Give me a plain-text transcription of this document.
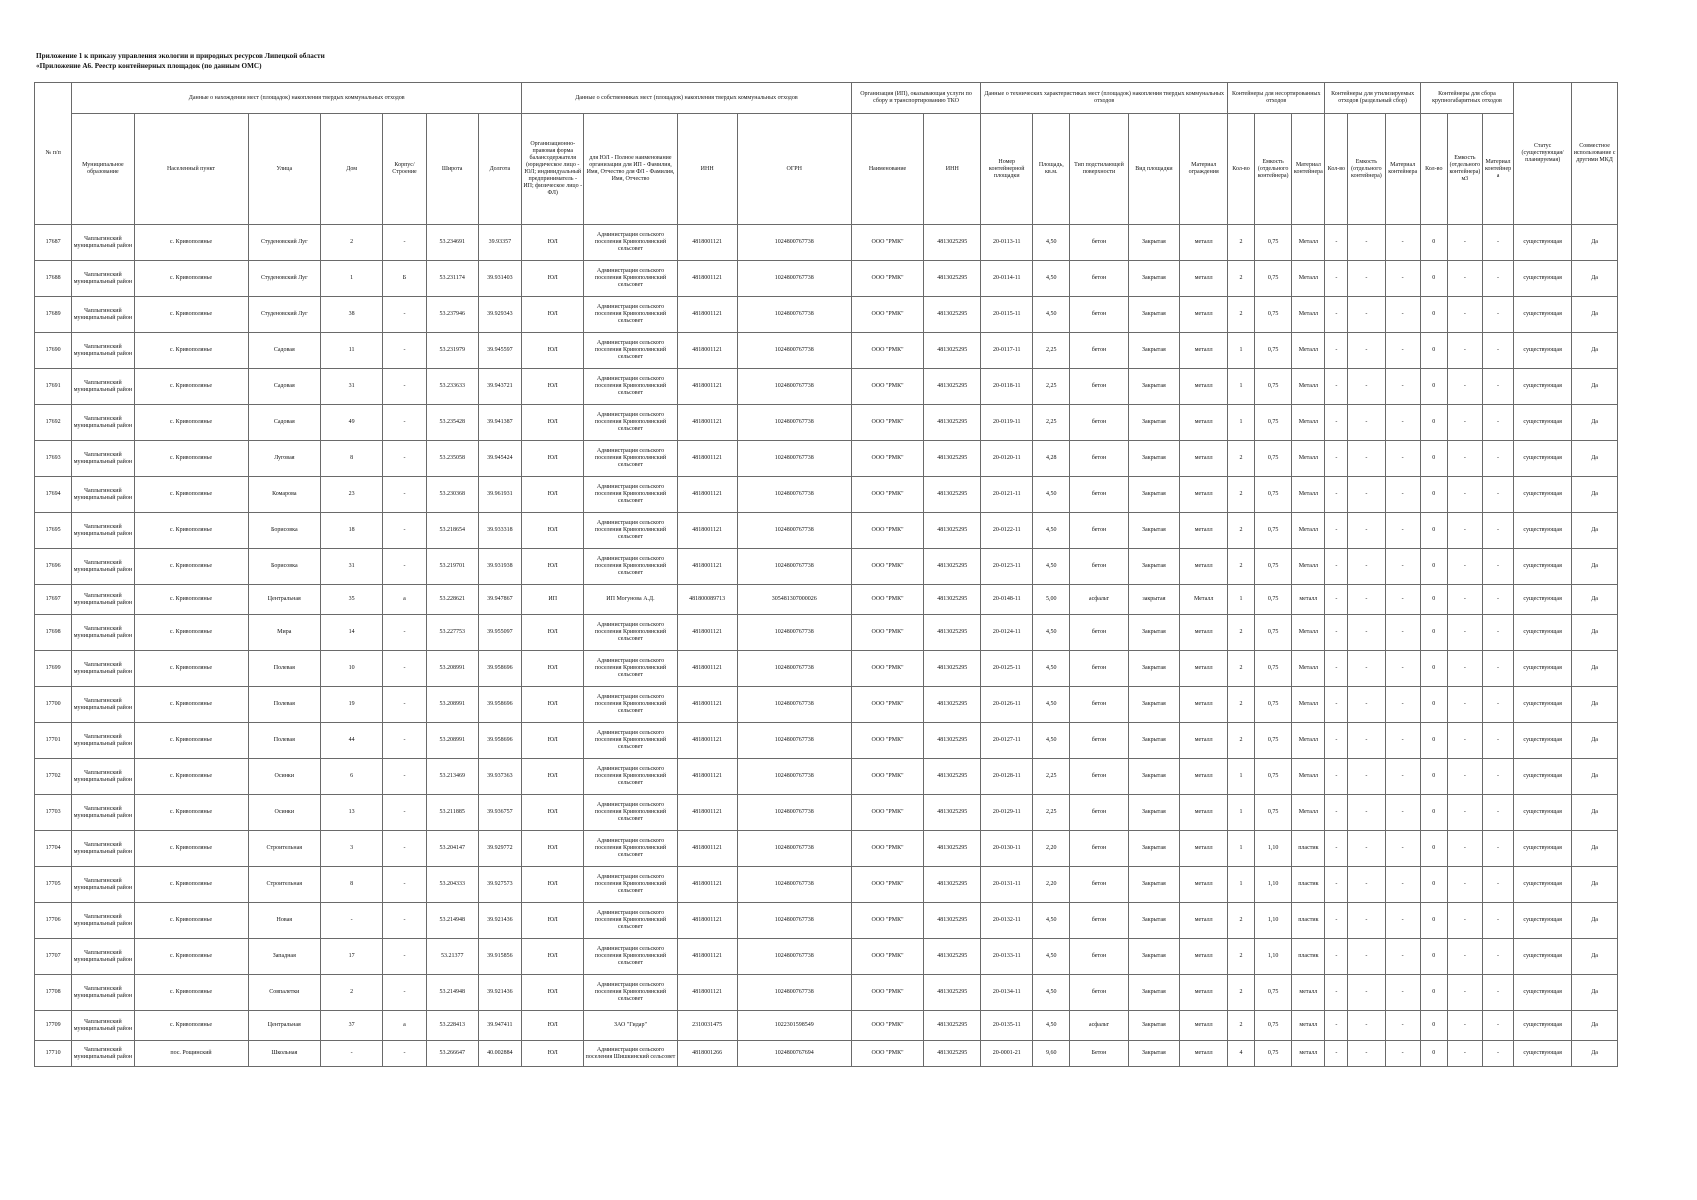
Приложение 1 к приказу управления экологии и природных ресурсов Липецкой области
«Приложение А6. Реестр контейнерных площадок (по данным ОМС)
№ п/п	Данные о нахождении мест (площадок) накопления твердых коммунальных отходов							Данные о собственниках мест (площадок) накопления твердых коммунальных отходов				Организация (ИП), оказывающая услуги по сбору и транспортированию ТКО		Данные о технических характеристиках мест (площадок) накопления твердых коммунальных отходов					Контейнеры для несортированных отходов			Контейнеры для утилизируемых отходов (раздельный сбор)			Контейнеры для сбора крупногабаритных отходов			Статус (существующая/ планируемая)	Совместное использование с другими МКД
	Муниципальное образование	Населенный пункт	Улица	Дом	Корпус/Строение	Широта	Долгота	Организационно-правовая форма балансодержателя (юридическое лицо - ЮЛ; индивидуальный предприниматель - ИП; физическое лицо - ФЛ)	для ЮЛ - Полное наименование организации для ИП - Фамилия, Имя, Отчество для ФЛ - Фамилия, Имя, Отчество	ИНН	ОГРН	Наименование	ИНН	Номер контейнерной площадки	Площадь, кв.м.	Тип подстилающей поверхности	Вид площадки	Материал ограждения	Кол-во	Емкость (отдельного контейнера)	Материал контейнера	Кол-во	Емкость (отдельного контейнера)	Материал контейнера	Кол-во	Емкость (отдельного контейнера) м3	Материал контейнера		
17687	Чаплыгинский муниципальный район	с. Кривополянье	Студеновский Луг	2	-	53.234691	39.93357	ЮЛ	Администрация сельского поселения Кривополянский сельсовет	4818001121	1024800767738	ООО "РМК"	4813025295	20-0113-11	4,50	бетон	Закрытая	металл	2	0,75	Металл	-	-	-	0	-	-	существующая	Да
17688	Чаплыгинский муниципальный район	с. Кривополянье	Студеновский Луг	1	Б	53.231174	39.931403	ЮЛ	Администрация сельского поселения Кривополянский сельсовет	4818001121	1024800767738	ООО "РМК"	4813025295	20-0114-11	4,50	бетон	Закрытая	металл	2	0,75	Металл	-	-	-	0	-	-	существующая	Да
17689	Чаплыгинский муниципальный район	с. Кривополянье	Студеновский Луг	38	-	53.237946	39.929343	ЮЛ	Администрация сельского поселения Кривополянский сельсовет	4818001121	1024800767738	ООО "РМК"	4813025295	20-0115-11	4,50	бетон	Закрытая	металл	2	0,75	Металл	-	-	-	0	-	-	существующая	Да
17690	Чаплыгинский муниципальный район	с. Кривополянье	Садовая	11	-	53.231979	39.945597	ЮЛ	Администрация сельского поселения Кривополянский сельсовет	4818001121	1024800767738	ООО "РМК"	4813025295	20-0117-11	2,25	бетон	Закрытая	металл	1	0,75	Металл	-	-	-	0	-	-	существующая	Да
17691	Чаплыгинский муниципальный район	с. Кривополянье	Садовая	31	-	53.233633	39.943721	ЮЛ	Администрация сельского поселения Кривополянский сельсовет	4818001121	1024800767738	ООО "РМК"	4813025295	20-0118-11	2,25	бетон	Закрытая	металл	1	0,75	Металл	-	-	-	0	-	-	существующая	Да
17692	Чаплыгинский муниципальный район	с. Кривополянье	Садовая	49	-	53.235428	39.941387	ЮЛ	Администрация сельского поселения Кривополянский сельсовет	4818001121	1024800767738	ООО "РМК"	4813025295	20-0119-11	2,25	бетон	Закрытая	металл	1	0,75	Металл	-	-	-	0	-	-	существующая	Да
17693	Чаплыгинский муниципальный район	с. Кривополянье	Луговая	8	-	53.235058	39.945424	ЮЛ	Администрация сельского поселения Кривополянский сельсовет	4818001121	1024800767738	ООО "РМК"	4813025295	20-0120-11	4,28	бетон	Закрытая	металл	2	0,75	Металл	-	-	-	0	-	-	существующая	Да
17694	Чаплыгинский муниципальный район	с. Кривополянье	Комарова	23	-	53.230368	39.961931	ЮЛ	Администрация сельского поселения Кривополянский сельсовет	4818001121	1024800767738	ООО "РМК"	4813025295	20-0121-11	4,50	бетон	Закрытая	металл	2	0,75	Металл	-	-	-	0	-	-	существующая	Да
17695	Чаплыгинский муниципальный район	с. Кривополянье	Борисовка	18	-	53.218654	39.933318	ЮЛ	Администрация сельского поселения Кривополянский сельсовет	4818001121	1024800767738	ООО "РМК"	4813025295	20-0122-11	4,50	бетон	Закрытая	металл	2	0,75	Металл	-	-	-	0	-	-	существующая	Да
17696	Чаплыгинский муниципальный район	с. Кривополянье	Борисовка	31	-	53.219701	39.931938	ЮЛ	Администрация сельского поселения Кривополянский сельсовет	4818001121	1024800767738	ООО "РМК"	4813025295	20-0123-11	4,50	бетон	Закрытая	металл	2	0,75	Металл	-	-	-	0	-	-	существующая	Да
17697	Чаплыгинский муниципальный район	с. Кривополянье	Центральная	35	а	53.228621	39.947867	ИП	ИП Могунова А.Д.	481800089713	305481307000026	ООО "РМК"	4813025295	20-0148-11	5,00	асфальт	закрытая	Металл	1	0,75	металл	-	-	-	0	-	-	существующая	Да
17698	Чаплыгинский муниципальный район	с. Кривополянье	Мира	14	-	53.227753	39.955097	ЮЛ	Администрация сельского поселения Кривополянский сельсовет	4818001121	1024800767738	ООО "РМК"	4813025295	20-0124-11	4,50	бетон	Закрытая	металл	2	0,75	Металл	-	-	-	0	-	-	существующая	Да
17699	Чаплыгинский муниципальный район	с. Кривополянье	Полевая	10	-	53.208991	39.958696	ЮЛ	Администрация сельского поселения Кривополянский сельсовет	4818001121	1024800767738	ООО "РМК"	4813025295	20-0125-11	4,50	бетон	Закрытая	металл	2	0,75	Металл	-	-	-	0	-	-	существующая	Да
17700	Чаплыгинский муниципальный район	с. Кривополянье	Полевая	19	-	53.208991	39.958696	ЮЛ	Администрация сельского поселения Кривополянский сельсовет	4818001121	1024800767738	ООО "РМК"	4813025295	20-0126-11	4,50	бетон	Закрытая	металл	2	0,75	Металл	-	-	-	0	-	-	существующая	Да
17701	Чаплыгинский муниципальный район	с. Кривополянье	Полевая	44	-	53.208991	39.958696	ЮЛ	Администрация сельского поселения Кривополянский сельсовет	4818001121	1024800767738	ООО "РМК"	4813025295	20-0127-11	4,50	бетон	Закрытая	металл	2	0,75	Металл	-	-	-	0	-	-	существующая	Да
17702	Чаплыгинский муниципальный район	с. Кривополянье	Осинки	6	-	53.213469	39.937363	ЮЛ	Администрация сельского поселения Кривополянский сельсовет	4818001121	1024800767738	ООО "РМК"	4813025295	20-0128-11	2,25	бетон	Закрытая	металл	1	0,75	Металл	-	-	-	0	-	-	существующая	Да
17703	Чаплыгинский муниципальный район	с. Кривополянье	Осинки	13	-	53.211885	39.936757	ЮЛ	Администрация сельского поселения Кривополянский сельсовет	4818001121	1024800767738	ООО "РМК"	4813025295	20-0129-11	2,25	бетон	Закрытая	металл	1	0,75	Металл	-	-	-	0	-	-	существующая	Да
17704	Чаплыгинский муниципальный район	с. Кривополянье	Строительная	3	-	53.204147	39.929772	ЮЛ	Администрация сельского поселения Кривополянский сельсовет	4818001121	1024800767738	ООО "РМК"	4813025295	20-0130-11	2,20	бетон	Закрытая	металл	1	1,10	пластик	-	-	-	0	-	-	существующая	Да
17705	Чаплыгинский муниципальный район	с. Кривополянье	Строительная	8	-	53.204333	39.927573	ЮЛ	Администрация сельского поселения Кривополянский сельсовет	4818001121	1024800767738	ООО "РМК"	4813025295	20-0131-11	2,20	бетон	Закрытая	металл	1	1,10	пластик	-	-	-	0	-	-	существующая	Да
17706	Чаплыгинский муниципальный район	с. Кривополянье	Новая	-	-	53.214948	39.921436	ЮЛ	Администрация сельского поселения Кривополянский сельсовет	4818001121	1024800767738	ООО "РМК"	4813025295	20-0132-11	4,50	бетон	Закрытая	металл	2	1,10	пластик	-	-	-	0	-	-	существующая	Да
17707	Чаплыгинский муниципальный район	с. Кривополянье	Западная	17	-	53.21377	39.915856	ЮЛ	Администрация сельского поселения Кривополянский сельсовет	4818001121	1024800767738	ООО "РМК"	4813025295	20-0133-11	4,50	бетон	Закрытая	металл	2	1,10	пластик	-	-	-	0	-	-	существующая	Да
17708	Чаплыгинский муниципальный район	с. Кривополянье	Совпалетки	2	-	53.214948	39.921436	ЮЛ	Администрация сельского поселения Кривополянский сельсовет	4818001121	1024800767738	ООО "РМК"	4813025295	20-0134-11	4,50	бетон	Закрытая	металл	2	0,75	металл	-	-	-	0	-	-	существующая	Да
17709	Чаплыгинский муниципальный район	с. Кривополянье	Центральная	37	а	53.228413	39.947411	ЮЛ	ЗАО "Гидар"	2310031475	1022301598549	ООО "РМК"	4813025295	20-0135-11	4,50	асфальт	Закрытая	металл	2	0,75	металл	-	-	-	0	-	-	существующая	Да
17710	Чаплыгинский муниципальный район	пос. Рощинский	Школьная	-	-	53.266647	40.002884	ЮЛ	Администрация сельского поселения Шишкинский сельсовет	4818001266	1024800767694	ООО "РМК"	4813025295	20-0001-21	9,60	Бетон	Закрытая	металл	4	0,75	металл	-	-	-	0	-	-	существующая	Да
